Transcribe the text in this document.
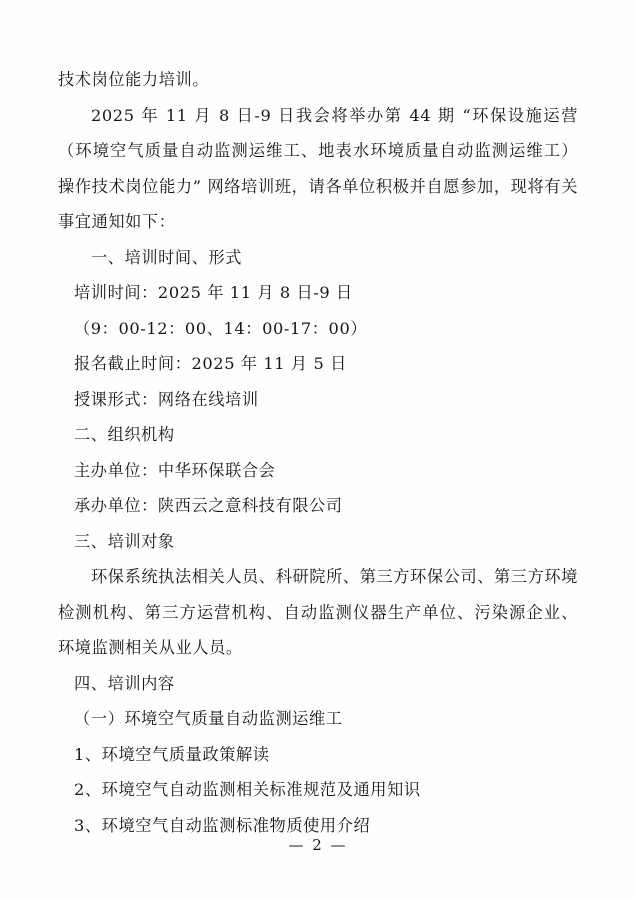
技术岗位能力培训。

2025 年 11 月 8 日-9 日我会将举办第 44 期 “环保设施运营（环境空气质量自动监测运维工、地表水环境质量自动监测运维工）操作技术岗位能力” 网络培训班，请各单位积极并自愿参加，现将有关事宜通知如下：

一、培训时间、形式

培训时间：2025 年 11 月 8 日-9 日

（9：00-12：00、14：00-17：00）

报名截止时间：2025 年 11 月 5 日

授课形式：网络在线培训

二、组织机构

主办单位：中华环保联合会

承办单位：陕西云之意科技有限公司

三、培训对象

环保系统执法相关人员、科研院所、第三方环保公司、第三方环境检测机构、第三方运营机构、自动监测仪器生产单位、污染源企业、环境监测相关从业人员。

四、培训内容

（一）环境空气质量自动监测运维工

1、环境空气质量政策解读

2、环境空气自动监测相关标准规范及通用知识

3、环境空气自动监测标准物质使用介绍

— 2 —
